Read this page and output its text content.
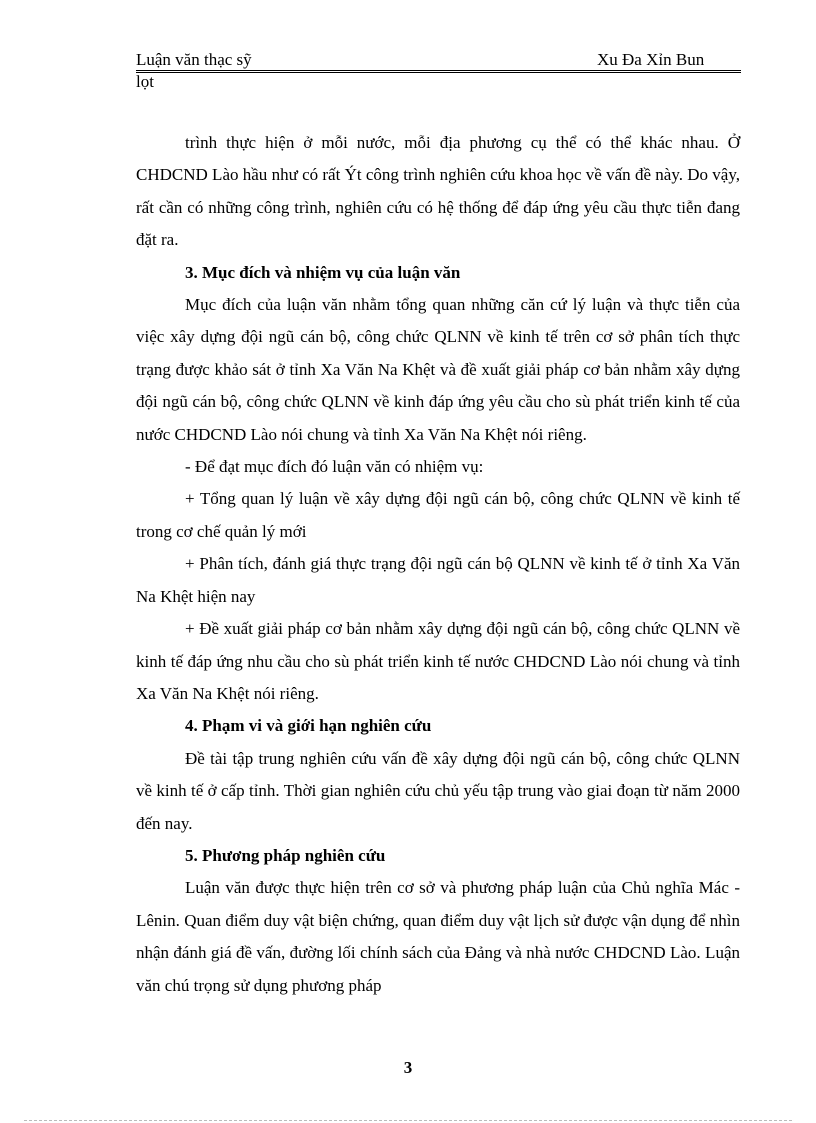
Luận văn thạc sỹ	Xu Đa Xỉn Bun
lọt

trình thực hiện ở mỗi nước, mỗi địa phương cụ thể có thể khác nhau. Ở CHDCND Lào hầu như có rất Ýt công trình nghiên cứu khoa học về vấn đề này. Do vậy, rất cần có những công trình, nghiên cứu có hệ thống để đáp ứng yêu cầu thực tiễn đang đặt ra.

3. Mục đích và nhiệm vụ của luận văn

Mục đích của luận văn nhằm tổng quan những căn cứ lý luận và thực tiễn của việc xây dựng đội ngũ cán bộ, công chức QLNN về kinh tế trên cơ sở phân tích thực trạng được khảo sát ở tỉnh Xa Văn Na Khệt và đề xuất giải pháp cơ bản nhằm xây dựng đội ngũ cán bộ, công chức QLNN về kinh đáp ứng yêu cầu cho sù phát triển kinh tế của nước CHDCND Lào nói chung và tỉnh Xa Văn Na Khệt nói riêng.

- Để đạt mục đích đó luận văn có nhiệm vụ:

+ Tổng quan lý luận về xây dựng đội ngũ cán bộ, công chức QLNN về kinh tế trong cơ chế quản lý mới

+ Phân tích, đánh giá thực trạng đội ngũ cán bộ QLNN về kinh tế ở tỉnh Xa Văn Na Khệt hiện nay

+ Đề xuất giải pháp cơ bản nhằm xây dựng đội ngũ cán bộ, công chức QLNN về kinh tế đáp ứng nhu cầu cho sù phát triển kinh tế nước CHDCND Lào nói chung và tỉnh Xa Văn Na Khệt nói riêng.

4. Phạm vi và giới hạn nghiên cứu

Đề tài tập trung nghiên cứu vấn đề xây dựng đội ngũ cán bộ, công chức QLNN về kinh tế ở cấp tỉnh. Thời gian nghiên cứu chủ yếu tập trung vào giai đoạn từ năm 2000 đến nay.

5. Phương pháp nghiên cứu

Luận văn được thực hiện trên cơ sở và phương pháp luận của Chủ nghĩa Mác - Lênin. Quan điểm duy vật biện chứng, quan điểm duy vật lịch sử được vận dụng để nhìn nhận đánh giá đề vấn, đường lối chính sách của Đảng và nhà nước CHDCND Lào. Luận văn chú trọng sử dụng phương pháp

3
